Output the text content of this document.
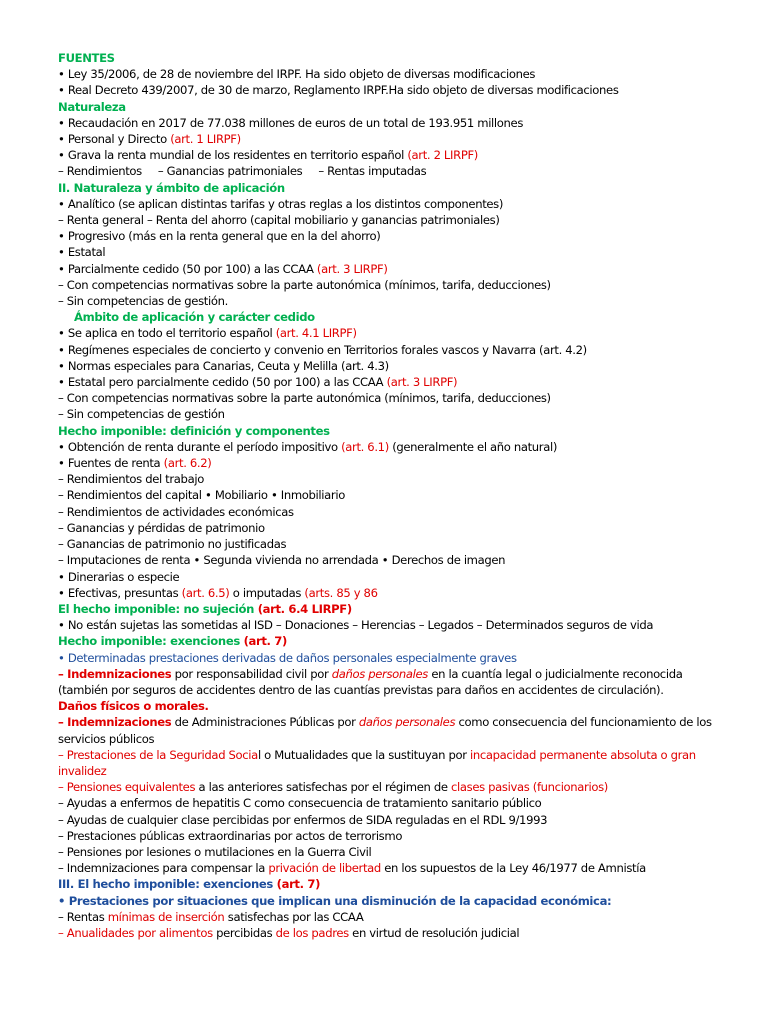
FUENTES
• Ley 35/2006, de 28 de noviembre del IRPF. Ha sido objeto de diversas modificaciones
• Real Decreto 439/2007, de 30 de marzo, Reglamento IRPF.Ha sido objeto de diversas modificaciones
Naturaleza
• Recaudación en 2017 de 77.038 millones de euros de un total de 193.951 millones
• Personal y Directo (art. 1 LIRPF)
• Grava la renta mundial de los residentes en territorio español (art. 2 LIRPF)
– Rendimientos – Ganancias patrimoniales – Rentas imputadas
II. Naturaleza y ámbito de aplicación
• Analítico (se aplican distintas tarifas y otras reglas a los distintos componentes)
– Renta general – Renta del ahorro (capital mobiliario y ganancias patrimoniales)
• Progresivo (más en la renta general que en la del ahorro)
• Estatal
• Parcialmente cedido (50 por 100) a las CCAA (art. 3 LIRPF)
– Con competencias normativas sobre la parte autonómica (mínimos, tarifa, deducciones)
– Sin competencias de gestión.
Ámbito de aplicación y carácter cedido
• Se aplica en todo el territorio español (art. 4.1 LIRPF)
• Regímenes especiales de concierto y convenio en Territorios forales vascos y Navarra (art. 4.2)
• Normas especiales para Canarias, Ceuta y Melilla (art. 4.3)
• Estatal pero parcialmente cedido (50 por 100) a las CCAA (art. 3 LIRPF)
– Con competencias normativas sobre la parte autonómica (mínimos, tarifa, deducciones)
– Sin competencias de gestión
Hecho imponible: definición y componentes
• Obtención de renta durante el período impositivo (art. 6.1) (generalmente el año natural)
• Fuentes de renta (art. 6.2)
– Rendimientos del trabajo
– Rendimientos del capital • Mobiliario • Inmobiliario
– Rendimientos de actividades económicas
– Ganancias y pérdidas de patrimonio
– Ganancias de patrimonio no justificadas
– Imputaciones de renta • Segunda vivienda no arrendada • Derechos de imagen
• Dinerarias o especie
• Efectivas, presuntas (art. 6.5) o imputadas (arts. 85 y 86
El hecho imponible: no sujeción (art. 6.4 LIRPF)
• No están sujetas las sometidas al ISD – Donaciones – Herencias – Legados – Determinados seguros de vida
Hecho imponible: exenciones (art. 7)
• Determinadas prestaciones derivadas de daños personales especialmente graves
– Indemnizaciones por responsabilidad civil por daños personales en la cuantía legal o judicialmente reconocida (también por seguros de accidentes dentro de las cuantías previstas para daños en accidentes de circulación).
Daños físicos o morales.
– Indemnizaciones de Administraciones Públicas por daños personales como consecuencia del funcionamiento de los servicios públicos
– Prestaciones de la Seguridad Social o Mutualidades que la sustituyan por incapacidad permanente absoluta o gran invalidez
– Pensiones equivalentes a las anteriores satisfechas por el régimen de clases pasivas (funcionarios)
– Ayudas a enfermos de hepatitis C como consecuencia de tratamiento sanitario público
– Ayudas de cualquier clase percibidas por enfermos de SIDA reguladas en el RDL 9/1993
– Prestaciones públicas extraordinarias por actos de terrorismo
– Pensiones por lesiones o mutilaciones en la Guerra Civil
– Indemnizaciones para compensar la privación de libertad en los supuestos de la Ley 46/1977 de Amnistía
III. El hecho imponible: exenciones (art. 7)
• Prestaciones por situaciones que implican una disminución de la capacidad económica:
– Rentas mínimas de inserción satisfechas por las CCAA
– Anualidades por alimentos percibidas de los padres en virtud de resolución judicial
